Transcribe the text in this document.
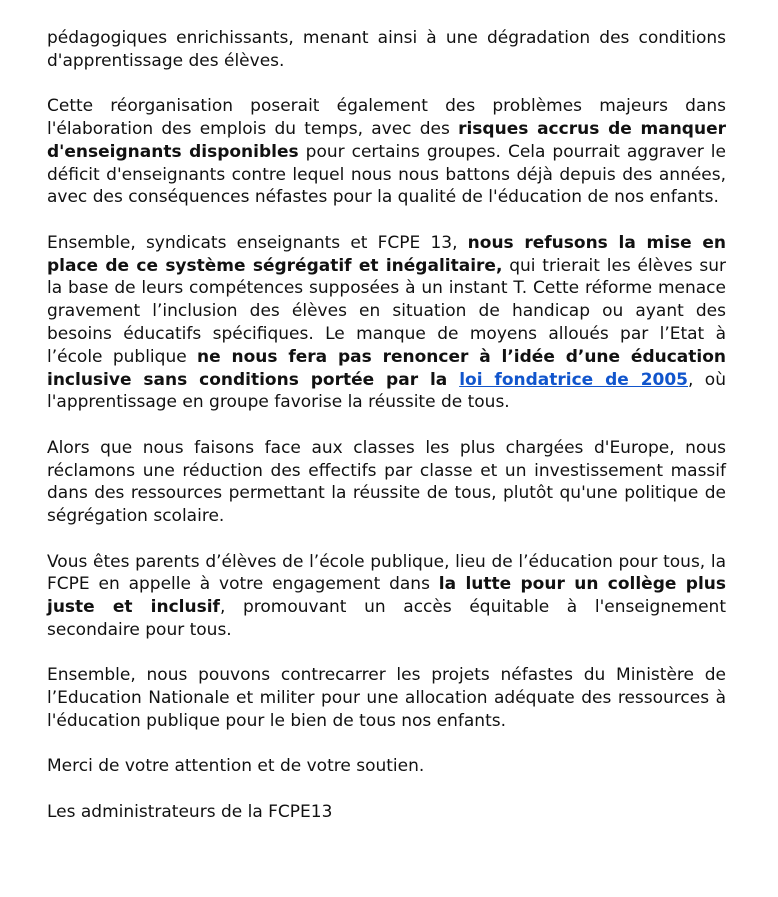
pédagogiques enrichissants, menant ainsi à une dégradation des conditions d'apprentissage des élèves.

Cette réorganisation poserait également des problèmes majeurs dans l'élaboration des emplois du temps, avec des risques accrus de manquer d'enseignants disponibles pour certains groupes. Cela pourrait aggraver le déficit d'enseignants contre lequel nous nous battons déjà depuis des années, avec des conséquences néfastes pour la qualité de l'éducation de nos enfants.

Ensemble, syndicats enseignants et FCPE 13, nous refusons la mise en place de ce système ségrégatif et inégalitaire, qui trierait les élèves sur la base de leurs compétences supposées à un instant T. Cette réforme menace gravement l’inclusion des élèves en situation de handicap ou ayant des besoins éducatifs spécifiques. Le manque de moyens alloués par l’Etat à l’école publique ne nous fera pas renoncer à l’idée d’une éducation inclusive sans conditions portée par la loi fondatrice de 2005, où l'apprentissage en groupe favorise la réussite de tous.

Alors que nous faisons face aux classes les plus chargées d'Europe, nous réclamons une réduction des effectifs par classe et un investissement massif dans des ressources permettant la réussite de tous, plutôt qu'une politique de ségrégation scolaire.

Vous êtes parents d’élèves de l’école publique, lieu de l’éducation pour tous, la FCPE en appelle à votre engagement dans la lutte pour un collège plus juste et inclusif, promouvant un accès équitable à l'enseignement secondaire pour tous.

Ensemble, nous pouvons contrecarrer les projets néfastes du Ministère de l’Education Nationale et militer pour une allocation adéquate des ressources à l'éducation publique pour le bien de tous nos enfants.

Merci de votre attention et de votre soutien.

Les administrateurs de la FCPE13
